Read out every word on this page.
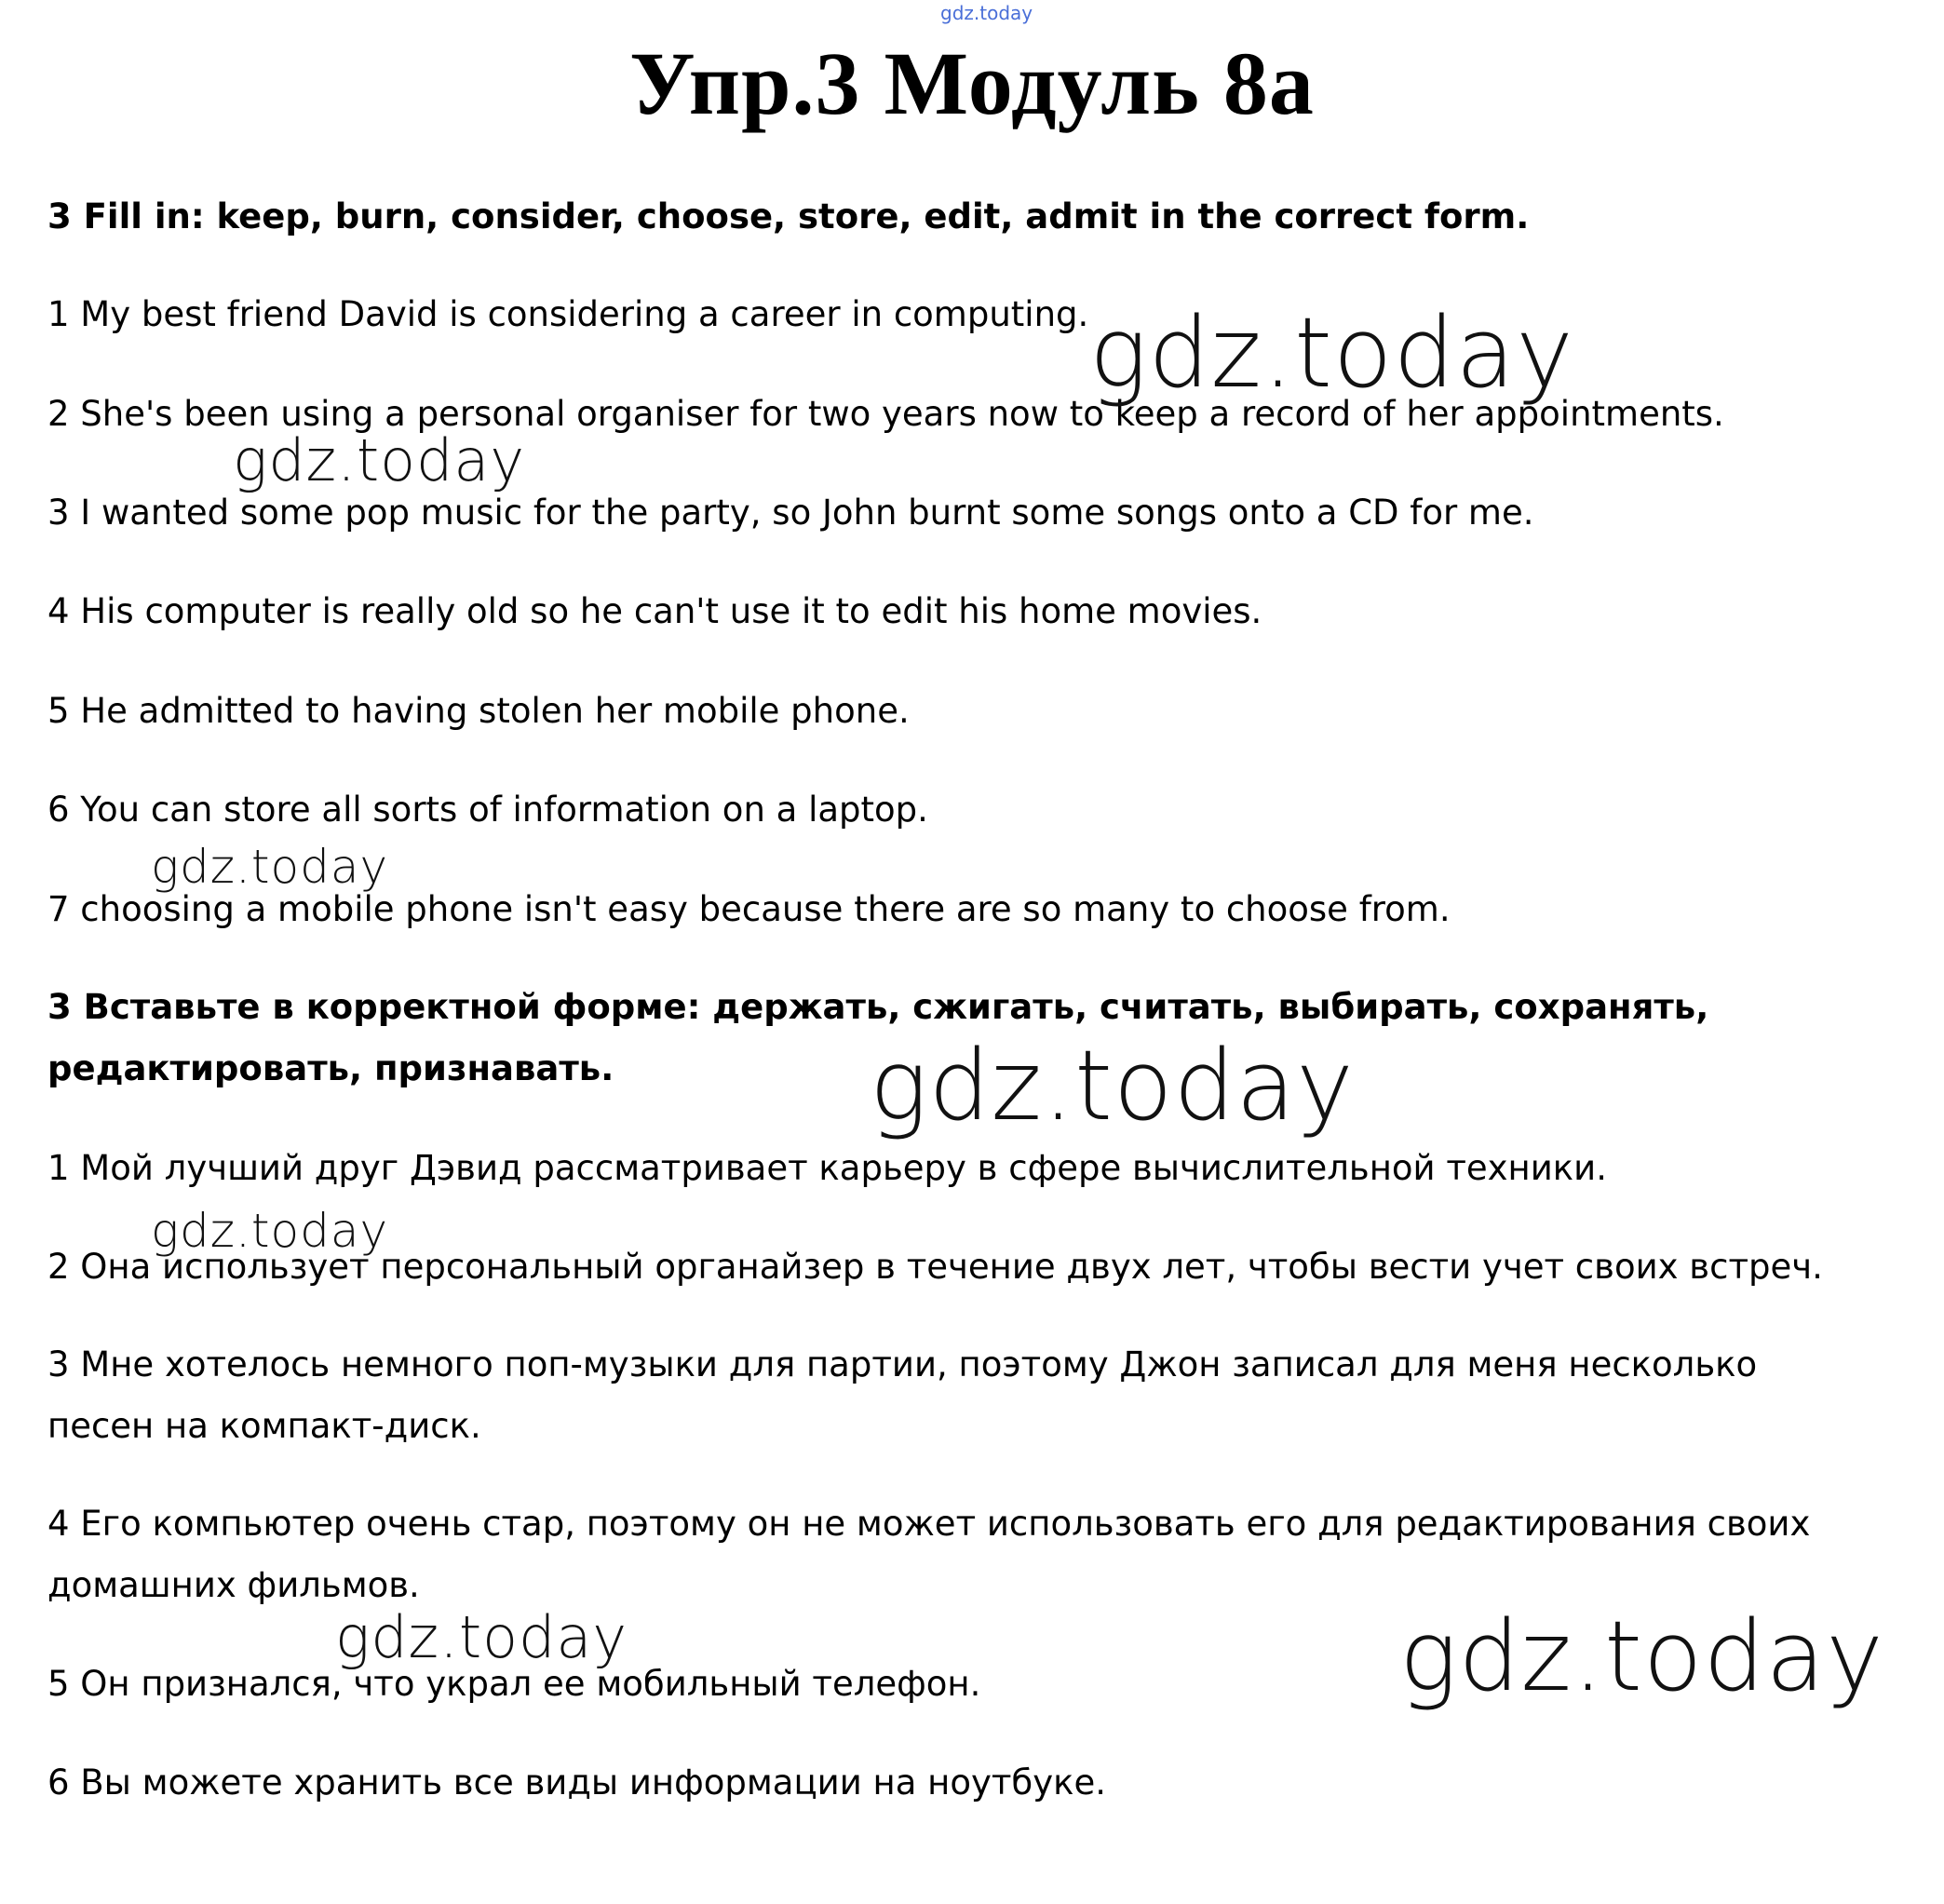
gdz.today
Упр.3 Модуль 8a
3 Fill in: keep, burn, consider, choose, store, edit, admit in the correct form.
1 My best friend David is considering a career in computing.
2 She's been using a personal organiser for two years now to keep a record of her appointments.
3 I wanted some pop music for the party, so John burnt some songs onto a CD for me.
4 His computer is really old so he can't use it to edit his home movies.
5 He admitted to having stolen her mobile phone.
6 You can store all sorts of information on a laptop.
7 choosing a mobile phone isn't easy because there are so many to choose from.
3 Вставьте в корректной форме: держать, сжигать, считать, выбирать, сохранять, редактировать, признавать.
1 Мой лучший друг Дэвид рассматривает карьеру в сфере вычислительной техники.
2 Она использует персональный органайзер в течение двух лет, чтобы вести учет своих встреч.
3 Мне хотелось немного поп-музыки для партии, поэтому Джон записал для меня несколько песен на компакт-диск.
4 Его компьютер очень стар, поэтому он не может использовать его для редактирования своих домашних фильмов.
5 Он признался, что украл ее мобильный телефон.
6 Вы можете хранить все виды информации на ноутбуке.
gdz.today
gdz.today
gdz.today
gdz.today
gdz.today
gdz.today	gdz.today
